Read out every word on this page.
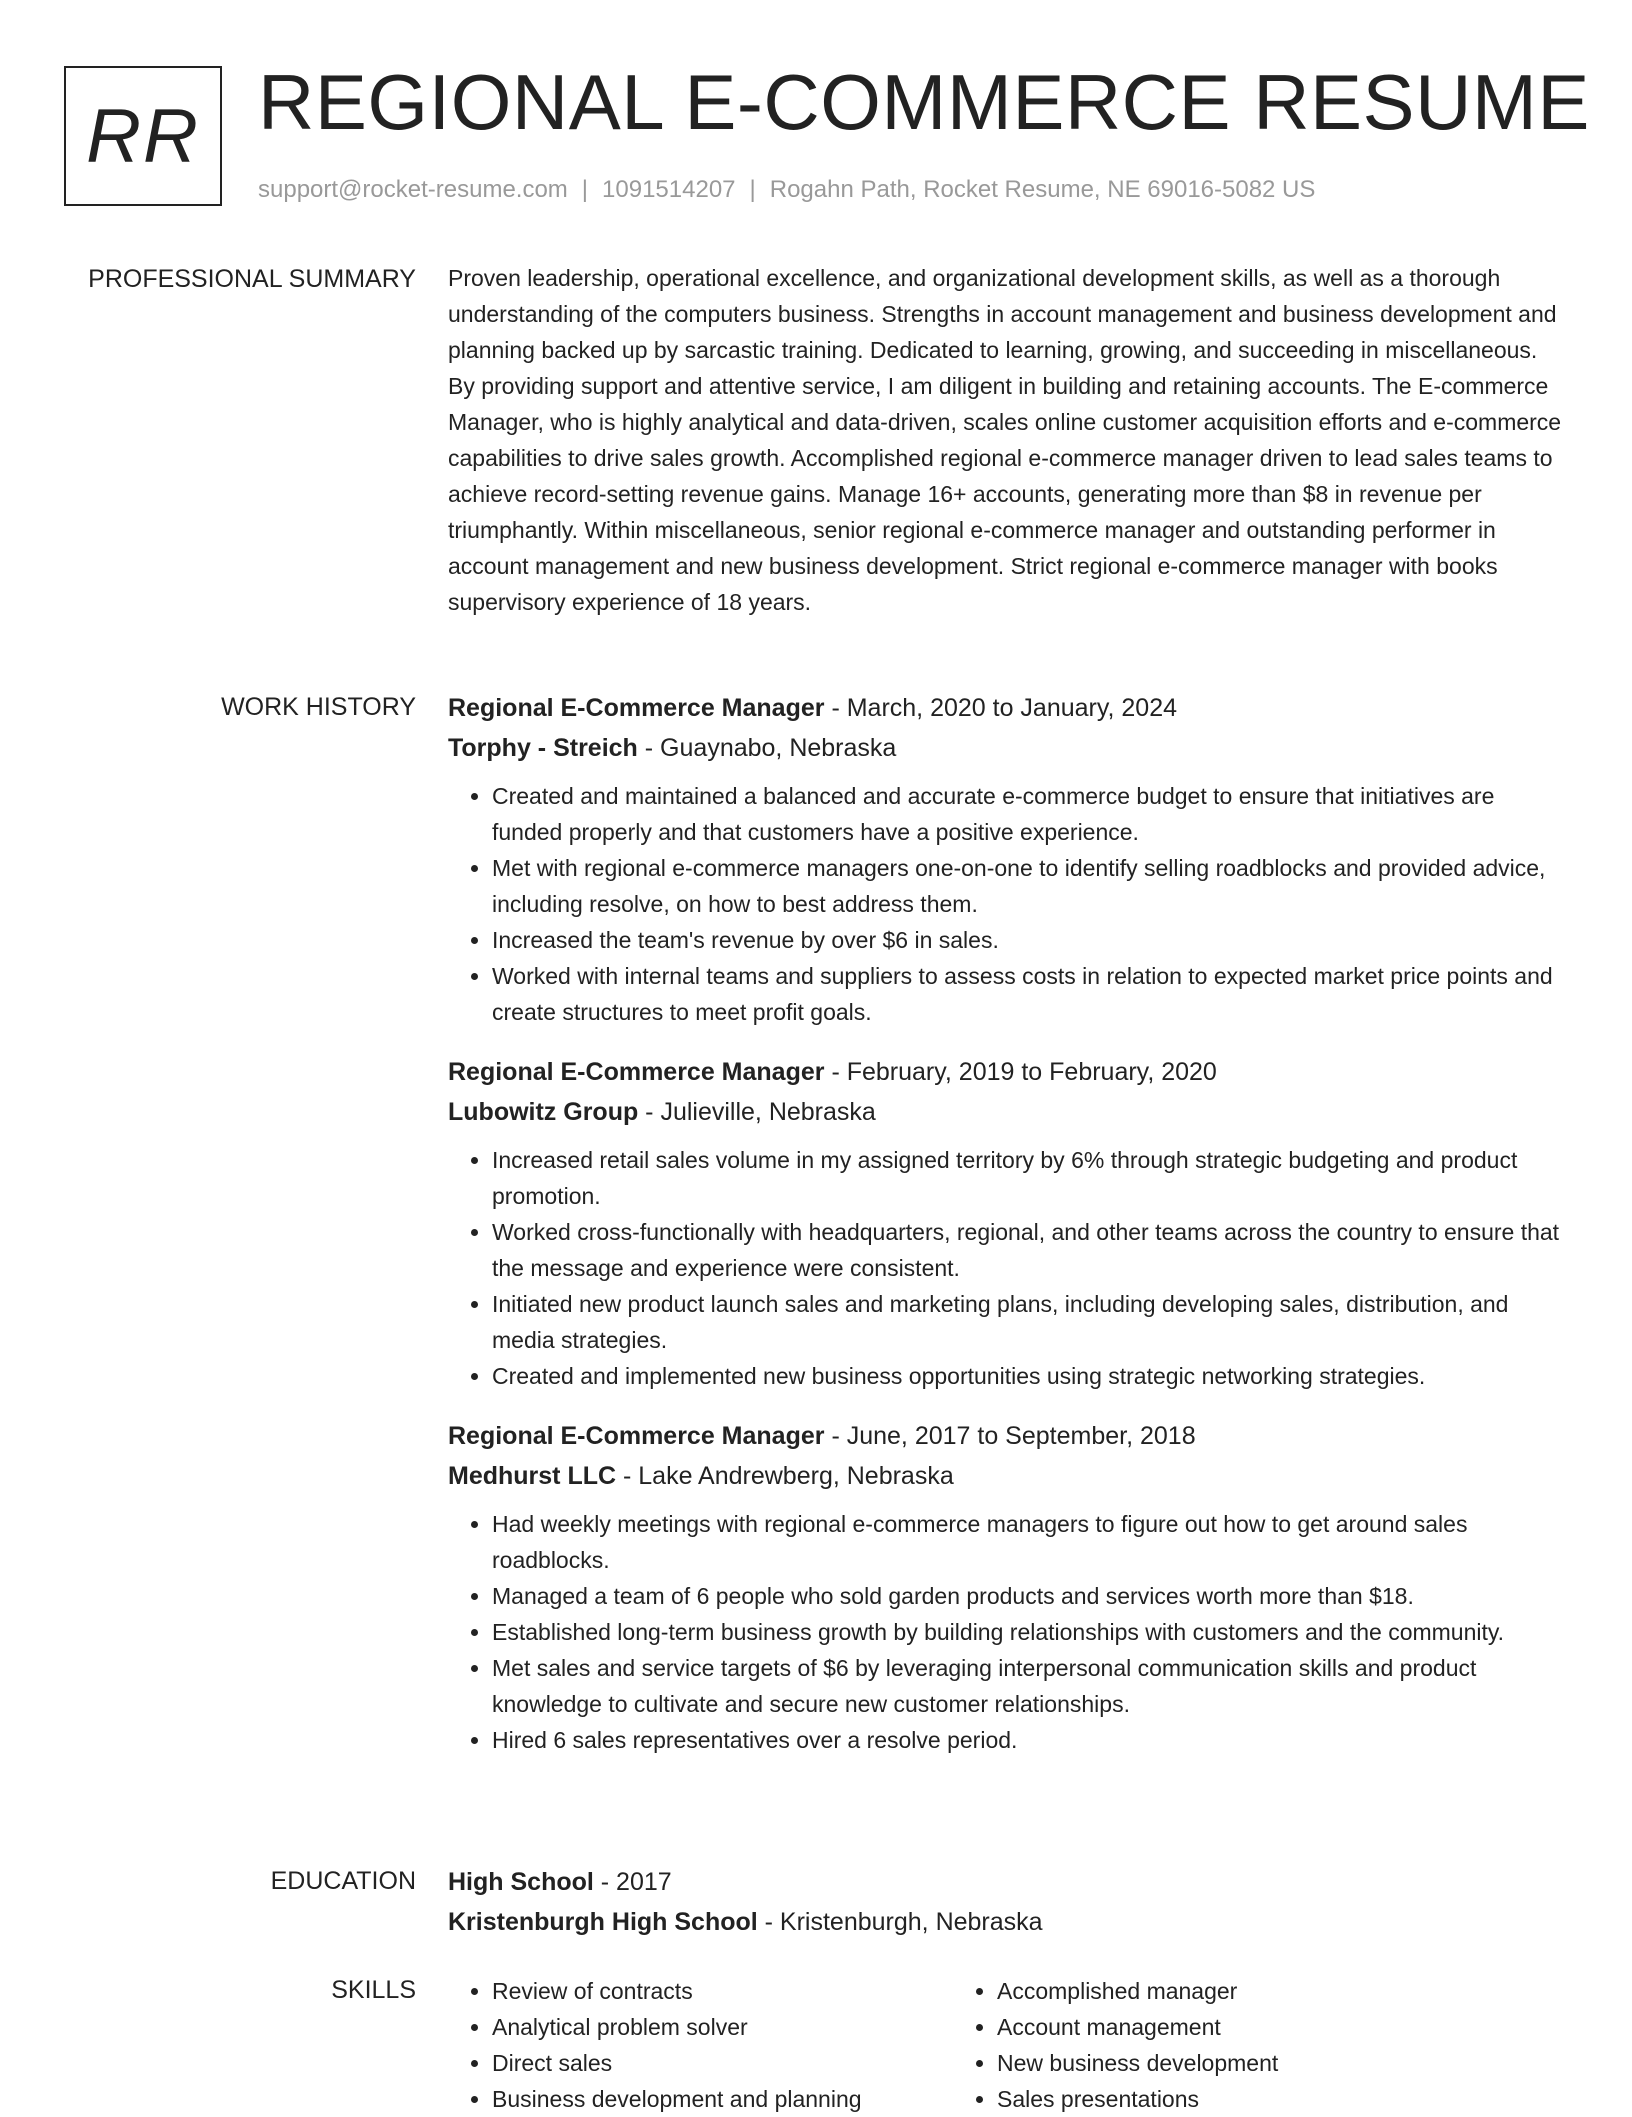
RR REGIONAL E-COMMERCE RESUME
support@rocket-resume.com | 1091514207 | Rogahn Path, Rocket Resume, NE 69016-5082 US
PROFESSIONAL SUMMARY Proven leadership, operational excellence, and organizational development skills, as well as a thorough understanding of the computers business. Strengths in account management and business development and planning backed up by sarcastic training. Dedicated to learning, growing, and succeeding in miscellaneous. By providing support and attentive service, I am diligent in building and retaining accounts. The E-commerce Manager, who is highly analytical and data-driven, scales online customer acquisition efforts and e-commerce capabilities to drive sales growth. Accomplished regional e-commerce manager driven to lead sales teams to achieve record-setting revenue gains. Manage 16+ accounts, generating more than $8 in revenue per triumphantly. Within miscellaneous, senior regional e-commerce manager and outstanding performer in account management and new business development. Strict regional e-commerce manager with books supervisory experience of 18 years.

WORK HISTORY Regional E-Commerce Manager - March, 2020 to January, 2024
Torphy - Streich - Guaynabo, Nebraska
• Created and maintained a balanced and accurate e-commerce budget to ensure that initiatives are funded properly and that customers have a positive experience.
• Met with regional e-commerce managers one-on-one to identify selling roadblocks and provided advice, including resolve, on how to best address them.
• Increased the team's revenue by over $6 in sales.
• Worked with internal teams and suppliers to assess costs in relation to expected market price points and create structures to meet profit goals.
Regional E-Commerce Manager - February, 2019 to February, 2020
Lubowitz Group - Julieville, Nebraska
• Increased retail sales volume in my assigned territory by 6% through strategic budgeting and product promotion.
• Worked cross-functionally with headquarters, regional, and other teams across the country to ensure that the message and experience were consistent.
• Initiated new product launch sales and marketing plans, including developing sales, distribution, and media strategies.
• Created and implemented new business opportunities using strategic networking strategies.
Regional E-Commerce Manager - June, 2017 to September, 2018
Medhurst LLC - Lake Andrewberg, Nebraska
• Had weekly meetings with regional e-commerce managers to figure out how to get around sales roadblocks.
• Managed a team of 6 people who sold garden products and services worth more than $18.
• Established long-term business growth by building relationships with customers and the community.
• Met sales and service targets of $6 by leveraging interpersonal communication skills and product knowledge to cultivate and secure new customer relationships.
• Hired 6 sales representatives over a resolve period.
EDUCATION High School - 2017
Kristenburgh High School - Kristenburgh, Nebraska
SKILLS
•	Review of contracts
• Analytical problem solver
• Direct sales
• Business development and planning
• Accomplished manager
• Account management
• New business development
• Sales presentations
